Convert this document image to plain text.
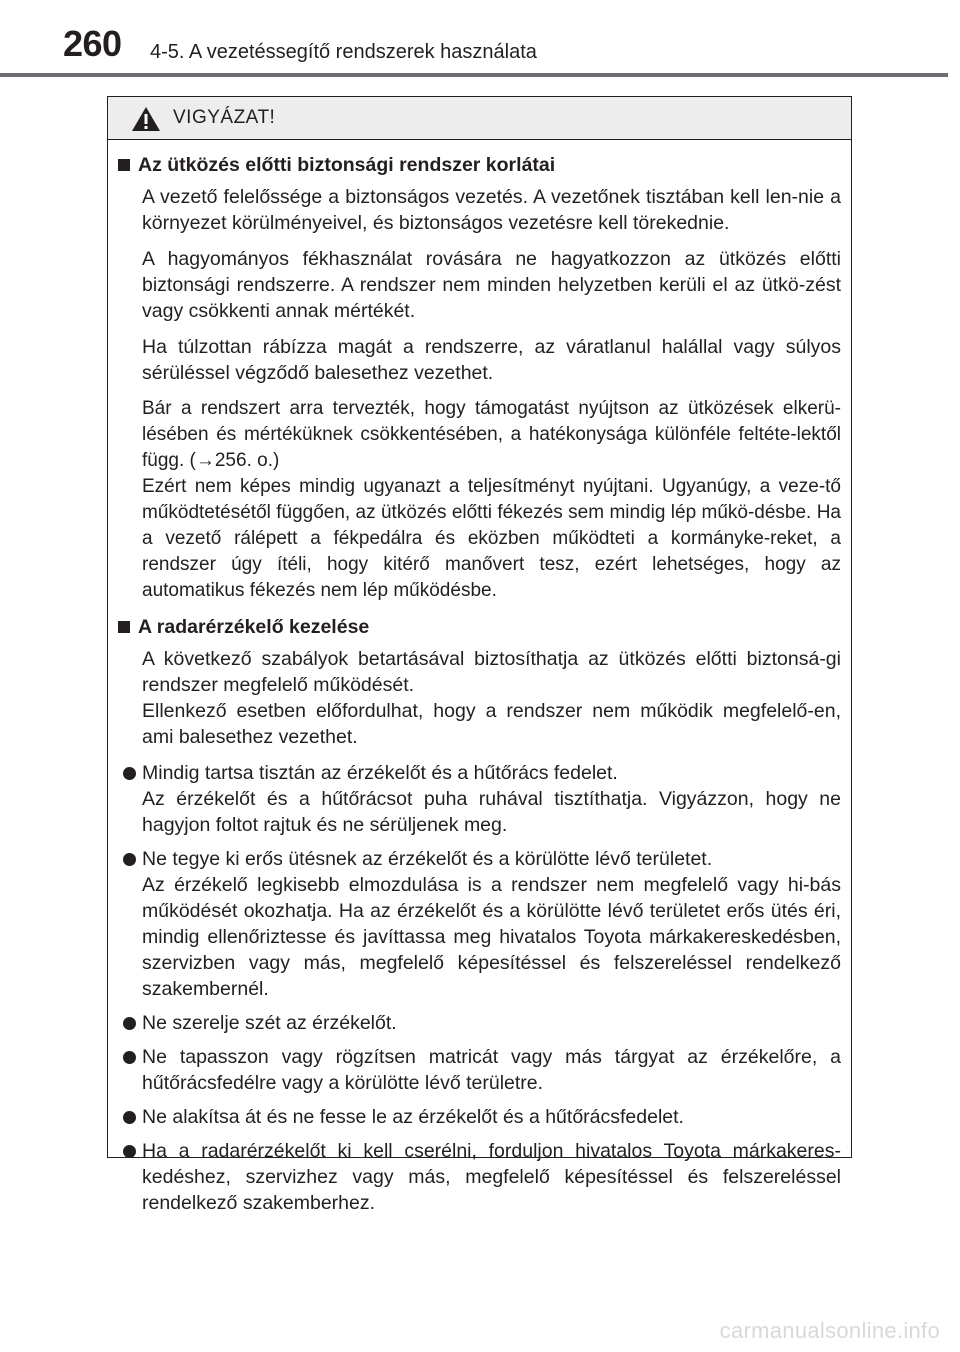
260 4-5. A vezetéssegítő rendszerek használata
VIGYÁZAT!
Az ütközés előtti biztonsági rendszer korlátai

A vezető felelőssége a biztonságos vezetés. A vezetőnek tisztában kell len-nie a környezet körülményeivel, és biztonságos vezetésre kell törekednie.

A hagyományos fékhasználat rovására ne hagyatkozzon az ütközés előtti biztonsági rendszerre. A rendszer nem minden helyzetben kerüli el az ütkö-zést vagy csökkenti annak mértékét.

Ha túlzottan rábízza magát a rendszerre, az váratlanul halállal vagy súlyos sérüléssel végződő balesethez vezethet.

Bár a rendszert arra tervezték, hogy támogatást nyújtson az ütközések elkerü-lésében és mértéküknek csökkentésében, a hatékonysága különféle feltéte-lektől függ. (→256. o.)
Ezért nem képes mindig ugyanazt a teljesítményt nyújtani. Ugyanúgy, a veze-tő működtetésétől függően, az ütközés előtti fékezés sem mindig lép műkö-désbe. Ha a vezető rálépett a fékpedálra és eközben működteti a kormányke-reket, a rendszer úgy ítéli, hogy kitérő manővert tesz, ezért lehetséges, hogy az automatikus fékezés nem lép működésbe.

A radarérzékelő kezelése

A következő szabályok betartásával biztosíthatja az ütközés előtti biztonsá-gi rendszer megfelelő működését.
Ellenkező esetben előfordulhat, hogy a rendszer nem működik megfelelő-en, ami balesethez vezethet.

Mindig tartsa tisztán az érzékelőt és a hűtőrács fedelet.
Az érzékelőt és a hűtőrácsot puha ruhával tisztíthatja. Vigyázzon, hogy ne hagyjon foltot rajtuk és ne sérüljenek meg.
Ne tegye ki erős ütésnek az érzékelőt és a körülötte lévő területet.
Az érzékelő legkisebb elmozdulása is a rendszer nem megfelelő vagy hi-bás működését okozhatja. Ha az érzékelőt és a körülötte lévő területet erős ütés éri, mindig ellenőriztesse és javíttassa meg hivatalos Toyota márkakereskedésben, szervizben vagy más, megfelelő képesítéssel és felszereléssel rendelkező szakembernél.
Ne szerelje szét az érzékelőt.
Ne tapasszon vagy rögzítsen matricát vagy más tárgyat az érzékelőre, a hűtőrácsfedélre vagy a körülötte lévő területre.
Ne alakítsa át és ne fesse le az érzékelőt és a hűtőrácsfedelet.
Ha a radarérzékelőt ki kell cserélni, forduljon hivatalos Toyota márkakeres-kedéshez, szervizhez vagy más, megfelelő képesítéssel és felszereléssel rendelkező szakemberhez.
carmanualsonline.info
